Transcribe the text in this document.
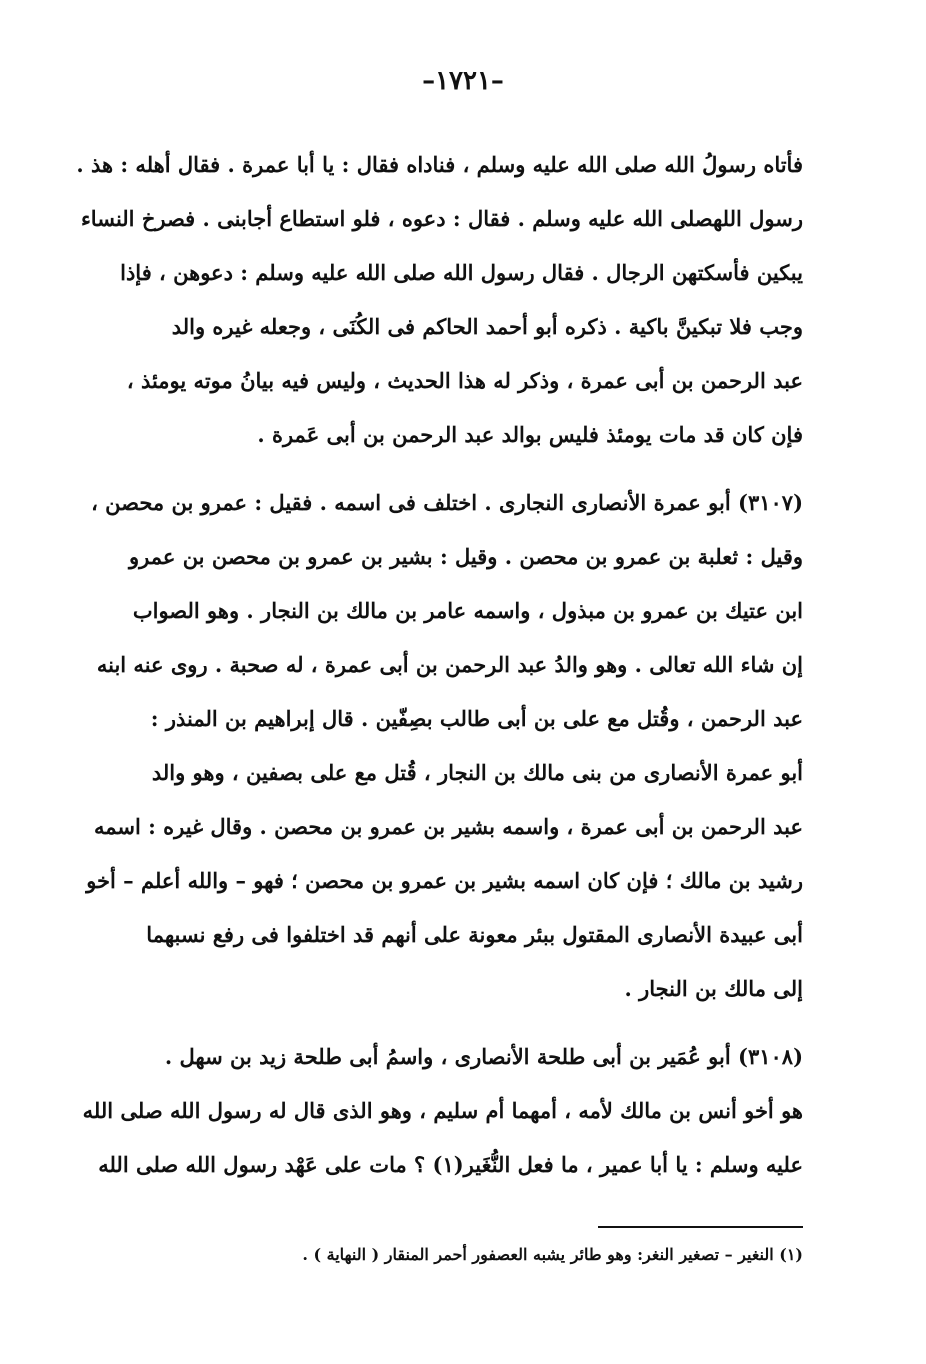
–١٧٢١–
فأتاه رسولُ الله صلى الله عليه وسلم ، فناداه فقال : يا أبا عمرة . فقال أهله : هذ .
رسول اللهصلى الله عليه وسلم . فقال : دعوه ، فلو استطاع أجابنى . فصرخ النساء
يبكين فأسكتهن الرجال . فقال رسول الله صلى الله عليه وسلم : دعوهن ، فإذا
وجب فلا تبكينَّ باكية . ذكره أبو أحمد الحاكم فى الكُنَى ، وجعله غيره والد
عبد الرحمن بن أبى عمرة ، وذكر له هذا الحديث ، وليس فيه بيانُ موته يومئذ ،
فإن كان قد مات يومئذ فليس بوالد عبد الرحمن بن أبى عَمرة .
(٣١٠٧) أبو عمرة الأنصارى النجارى . اختلف فى اسمه . فقيل : عمرو بن محصن ،
وقيل : ثعلبة بن عمرو بن محصن . وقيل : بشير بن عمرو بن محصن بن عمرو
ابن عتيك بن عمرو بن مبذول ، واسمه عامر بن مالك بن النجار . وهو الصواب
إن شاء الله تعالى . وهو والدُ عبد الرحمن بن أبى عمرة ، له صحبة . روى عنه ابنه
عبد الرحمن ، وقُتل مع على بن أبى طالب بصِفّين . قال إبراهيم بن المنذر :
أبو عمرة الأنصارى من بنى مالك بن النجار ، قُتل مع على بصفين ، وهو والد
عبد الرحمن بن أبى عمرة ، واسمه بشير بن عمرو بن محصن . وقال غيره : اسمه
رشيد بن مالك ؛ فإن كان اسمه بشير بن عمرو بن محصن ؛ فهو – والله أعلم – أخو
أبى عبيدة الأنصارى المقتول ببئر معونة على أنهم قد اختلفوا فى رفع نسبهما
إلى مالك بن النجار .
(٣١٠٨) أبو عُمَير بن أبى طلحة الأنصارى ، واسمُ أبى طلحة زيد بن سهل .
هو أخو أنس بن مالك لأمه ، أمهما أم سليم ، وهو الذى قال له رسول الله صلى الله
عليه وسلم : يا أبا عمير ، ما فعل النُّغَير(١) ؟ مات على عَهْد رسول الله صلى الله
(١) النغير – تصغير النغر: وهو طائر يشبه العصفور أحمر المنقار ( النهاية ) .
